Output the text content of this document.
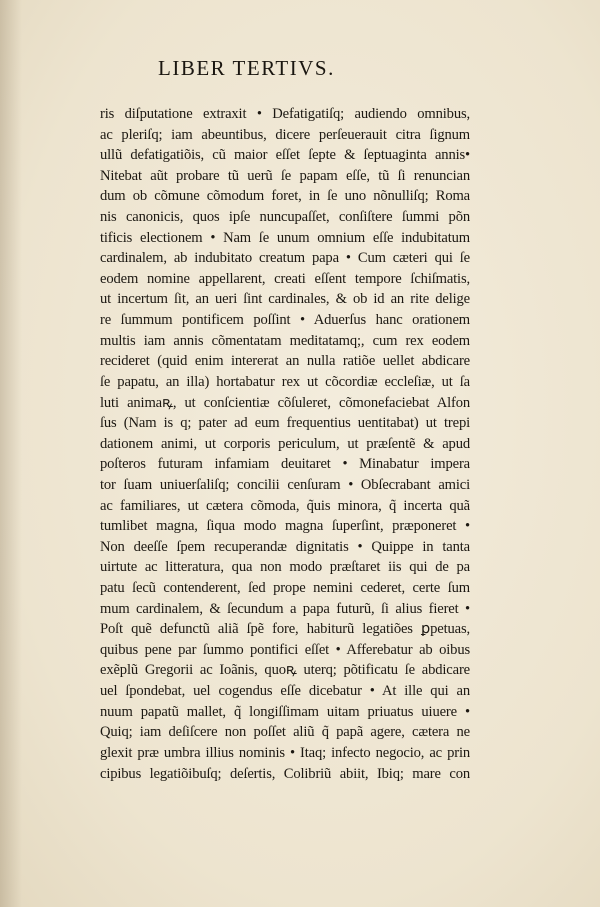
LIBER TERTIVS.
ris diſputatione extraxit • Defatigatiſq; audiendo omnibus,
ac pleriſq; iam abeuntibus, dicere perſeuerauit citra ſignum
ullũ defatigatiõis, cũ maior eſſet ſepte & ſeptuaginta annis•
Nitebat aũt probare tũ uerũ ſe papam eſſe, tũ ſi renuncian
dum ob cõmune cõmodum foret, in ſe uno nõnulliſq; Roma
nis canonicis, quos ipſe nuncupaſſet, conſiſtere ſummi põn
tificis electionem • Nam ſe unum omnium eſſe indubitatum
cardinalem, ab indubitato creatum papa • Cum cæteri qui ſe
eodem nomine appellarent, creati eſſent tempore ſchiſmatis,
ut incertum ſit, an ueri ſint cardinales, & ob id an rite delige
re ſummum pontificem poſſint • Aduerſus hanc orationem
multis iam annis cõmentatam meditatamq;, cum rex eodem
recideret (quid enim intererat an nulla ratiõe uellet abdicare
ſe papatu, an illa) hortabatur rex ut cõcordiæ eccleſiæ, ut ſa
luti animaꝶ, ut conſcientiæ cõſuleret, cõmonefaciebat Alfon
ſus (Nam is q; pater ad eum frequentius uentitabat) ut trepi
dationem animi, ut corporis periculum, ut præſentẽ & apud
poſteros futuram infamiam deuitaret • Minabatur impera
tor ſuam uniuerſaliſq; concilii cenſuram • Obſecrabant amici
ac familiares, ut cætera cõmoda, q̃uis minora, q̃ incerta quã
tumlibet magna, ſiqua modo magna ſuperſint, præponeret •
Non deeſſe ſpem recuperandæ dignitatis • Quippe in tanta
uirtute ac litteratura, qua non modo præſtaret iis qui de pa
patu ſecũ contenderent, ſed prope nemini cederet, certe ſum
mum cardinalem, & ſecundum a papa futurũ, ſi alius fieret •
Poſt quẽ defunctũ aliã ſpẽ fore, habiturũ legatiões ꝑpetuas,
quibus pene par ſummo pontifici eſſet • Afferebatur ab oibus
exẽplũ Gregorii ac Ioãnis, quoꝶ uterq; põtificatu ſe abdicare
uel ſpondebat, uel cogendus eſſe dicebatur • At ille qui an
nuum papatũ mallet, q̃ longiſſimam uitam priuatus uiuere •
Quiq; iam deſiſcere non poſſet aliũ q̃ papã agere, cætera ne
glexit præ umbra illius nominis • Itaq; infecto negocio, ac prin
cipibus legatiõibuſq; deſertis, Colibriũ abiit, Ibiq; mare con
